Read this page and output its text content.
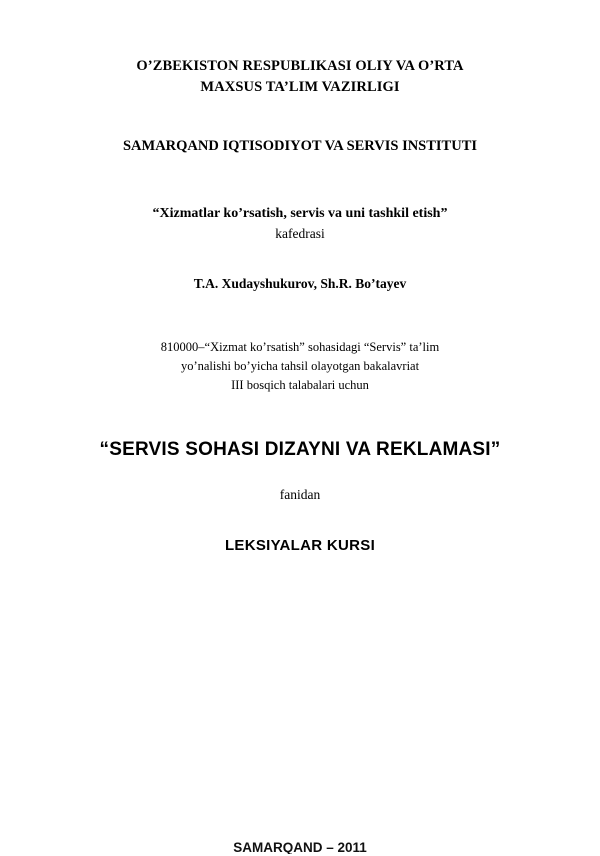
O’ZBEKISTON RESPUBLIKASI OLIY VA O’RTA
MAXSUS TA’LIM VAZIRLIGI
SAMARQAND IQTISODIYOT VA SERVIS INSTITUTI
“Xizmatlar ko’rsatish, servis va uni tashkil etish”
kafedrasi
T.A. Xudayshukurov, Sh.R. Bo’tayev
810000–“Xizmat ko’rsatish” sohasidagi “Servis” ta’lim
yo’nalishi bo’yicha tahsil olayotgan bakalavriat
III bosqich talabalari uchun
“SERVIS SOHASI DIZAYNI VA REKLAMASI”
fanidan
LEKSIYALAR KURSI
SAMARQAND – 2011
